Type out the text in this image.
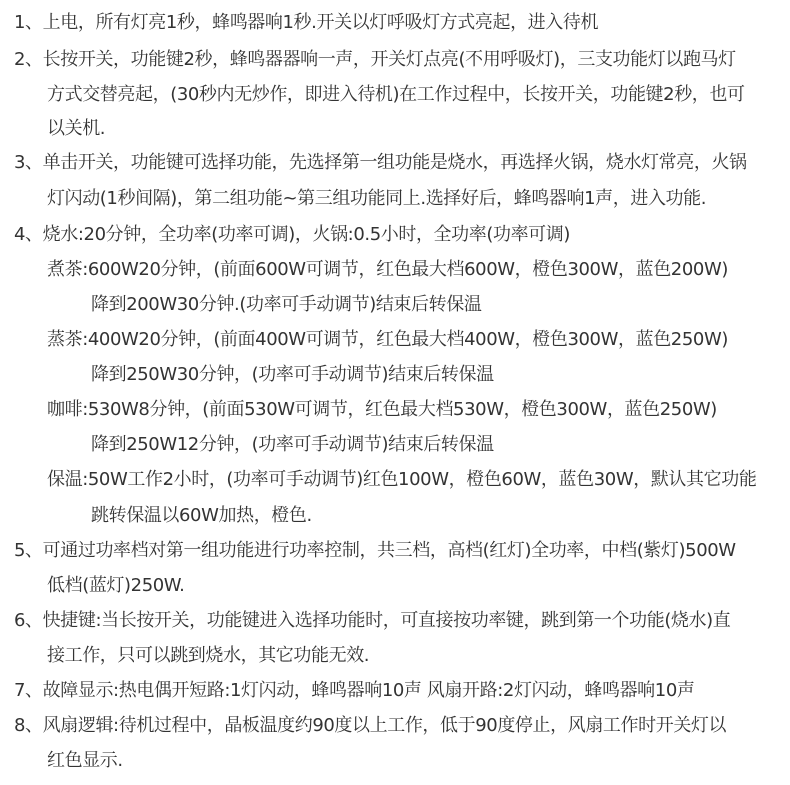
1、上电，所有灯亮1秒，蜂鸣器响1秒.开关以灯呼吸灯方式亮起，进入待机
2、长按开关，功能键2秒，蜂鸣器器响一声，开关灯点亮(不用呼吸灯)，三支功能灯以跑马灯
方式交替亮起，(30秒内无炒作，即进入待机)在工作过程中，长按开关，功能键2秒，也可
以关机.
3、单击开关，功能键可选择功能，先选择第一组功能是烧水，再选择火锅，烧水灯常亮，火锅
灯闪动(1秒间隔)，第二组功能~第三组功能同上.选择好后，蜂鸣器响1声，进入功能.
4、烧水:20分钟，全功率(功率可调)，火锅:0.5小时，全功率(功率可调)
煮茶:600W20分钟，(前面600W可调节，红色最大档600W，橙色300W，蓝色200W)
降到200W30分钟.(功率可手动调节)结束后转保温
蒸茶:400W20分钟，(前面400W可调节，红色最大档400W，橙色300W，蓝色250W)
降到250W30分钟，(功率可手动调节)结束后转保温
咖啡:530W8分钟，(前面530W可调节，红色最大档530W，橙色300W，蓝色250W)
降到250W12分钟，(功率可手动调节)结束后转保温
保温:50W工作2小时，(功率可手动调节)红色100W，橙色60W，蓝色30W，默认其它功能
跳转保温以60W加热，橙色.
5、可通过功率档对第一组功能进行功率控制，共三档，高档(红灯)全功率，中档(紫灯)500W
低档(蓝灯)250W.
6、快捷键:当长按开关，功能键进入选择功能时，可直接按功率键，跳到第一个功能(烧水)直
接工作，只可以跳到烧水，其它功能无效.
7、故障显示:热电偶开短路:1灯闪动，蜂鸣器响10声 风扇开路:2灯闪动，蜂鸣器响10声
8、风扇逻辑:待机过程中，晶板温度约90度以上工作，低于90度停止，风扇工作时开关灯以
红色显示.
